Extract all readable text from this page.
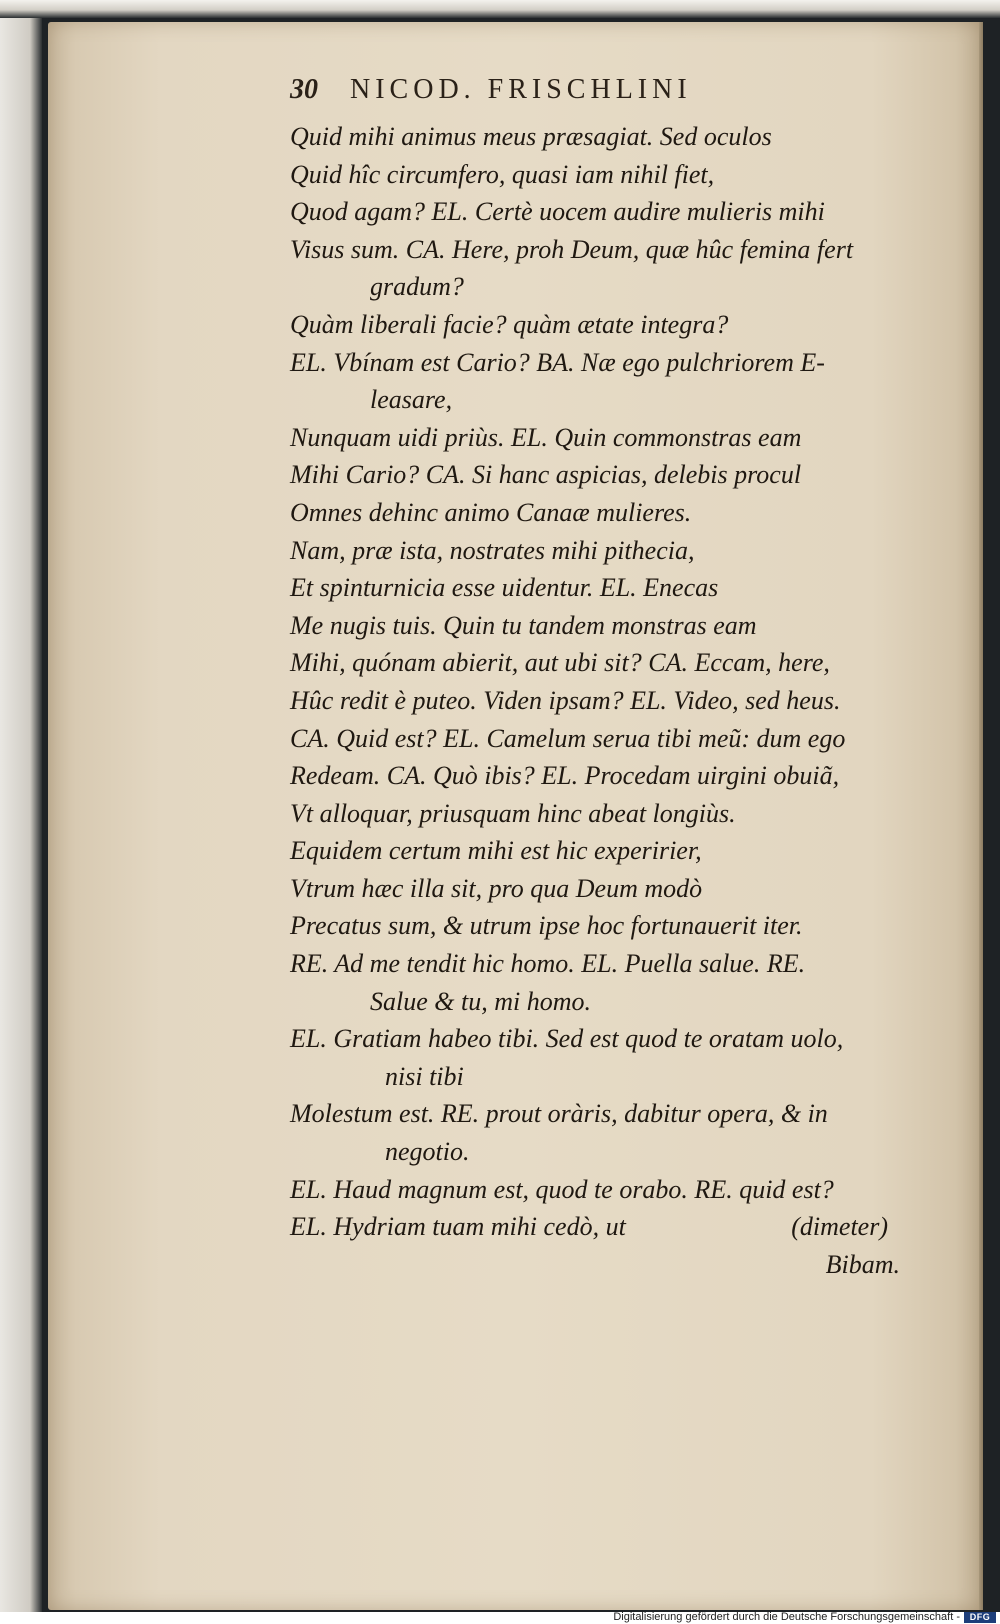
30	NICOD. FRISCHLINI
Quid mihi animus meus præsagiat. Sed oculos
Quid hîc circumfero, quasi iam nihil fiet,
Quod agam? EL. Certè uocem audire mulieris mihi
Visus sum. CA. Here, proh Deum, quæ hûc femina fert
gradum?
Quàm liberali facie? quàm ætate integra?
EL. Vbínam est Cario? BA. Næ ego pulchriorem E-
leasare,
Nunquam uidi priùs. EL. Quin commonstras eam
Mihi Cario? CA. Si hanc aspicias, delebis procul
Omnes dehinc animo Canaæ mulieres.
Nam, præ ista, nostrates mihi pithecia,
Et spinturnicia esse uidentur. EL. Enecas
Me nugis tuis. Quin tu tandem monstras eam
Mihi, quónam abierit, aut ubi sit? CA. Eccam, here,
Hûc redit è puteo. Viden ipsam? EL. Video, sed heus.
CA. Quid est? EL. Camelum serua tibi meũ: dum ego
Redeam. CA. Quò ibis? EL. Procedam uirgini obuiã,
Vt alloquar, priusquam hinc abeat longiùs.
Equidem certum mihi est hic experirier,
Vtrum hæc illa sit, pro qua Deum modò
Precatus sum, & utrum ipse hoc fortunauerit iter.
RE. Ad me tendit hic homo. EL. Puella salue. RE.
Salue & tu, mi homo.
EL. Gratiam habeo tibi. Sed est quod te oratam uolo,
nisi tibi
Molestum est. RE. prout oràris, dabitur opera, & in
negotio.
EL. Haud magnum est, quod te orabo. RE. quid est?
EL. Hydriam tuam mihi cedò, ut	(dimeter)
Bibam.
Digitalisierung gefördert durch die Deutsche Forschungsgemeinschaft -	DFG
